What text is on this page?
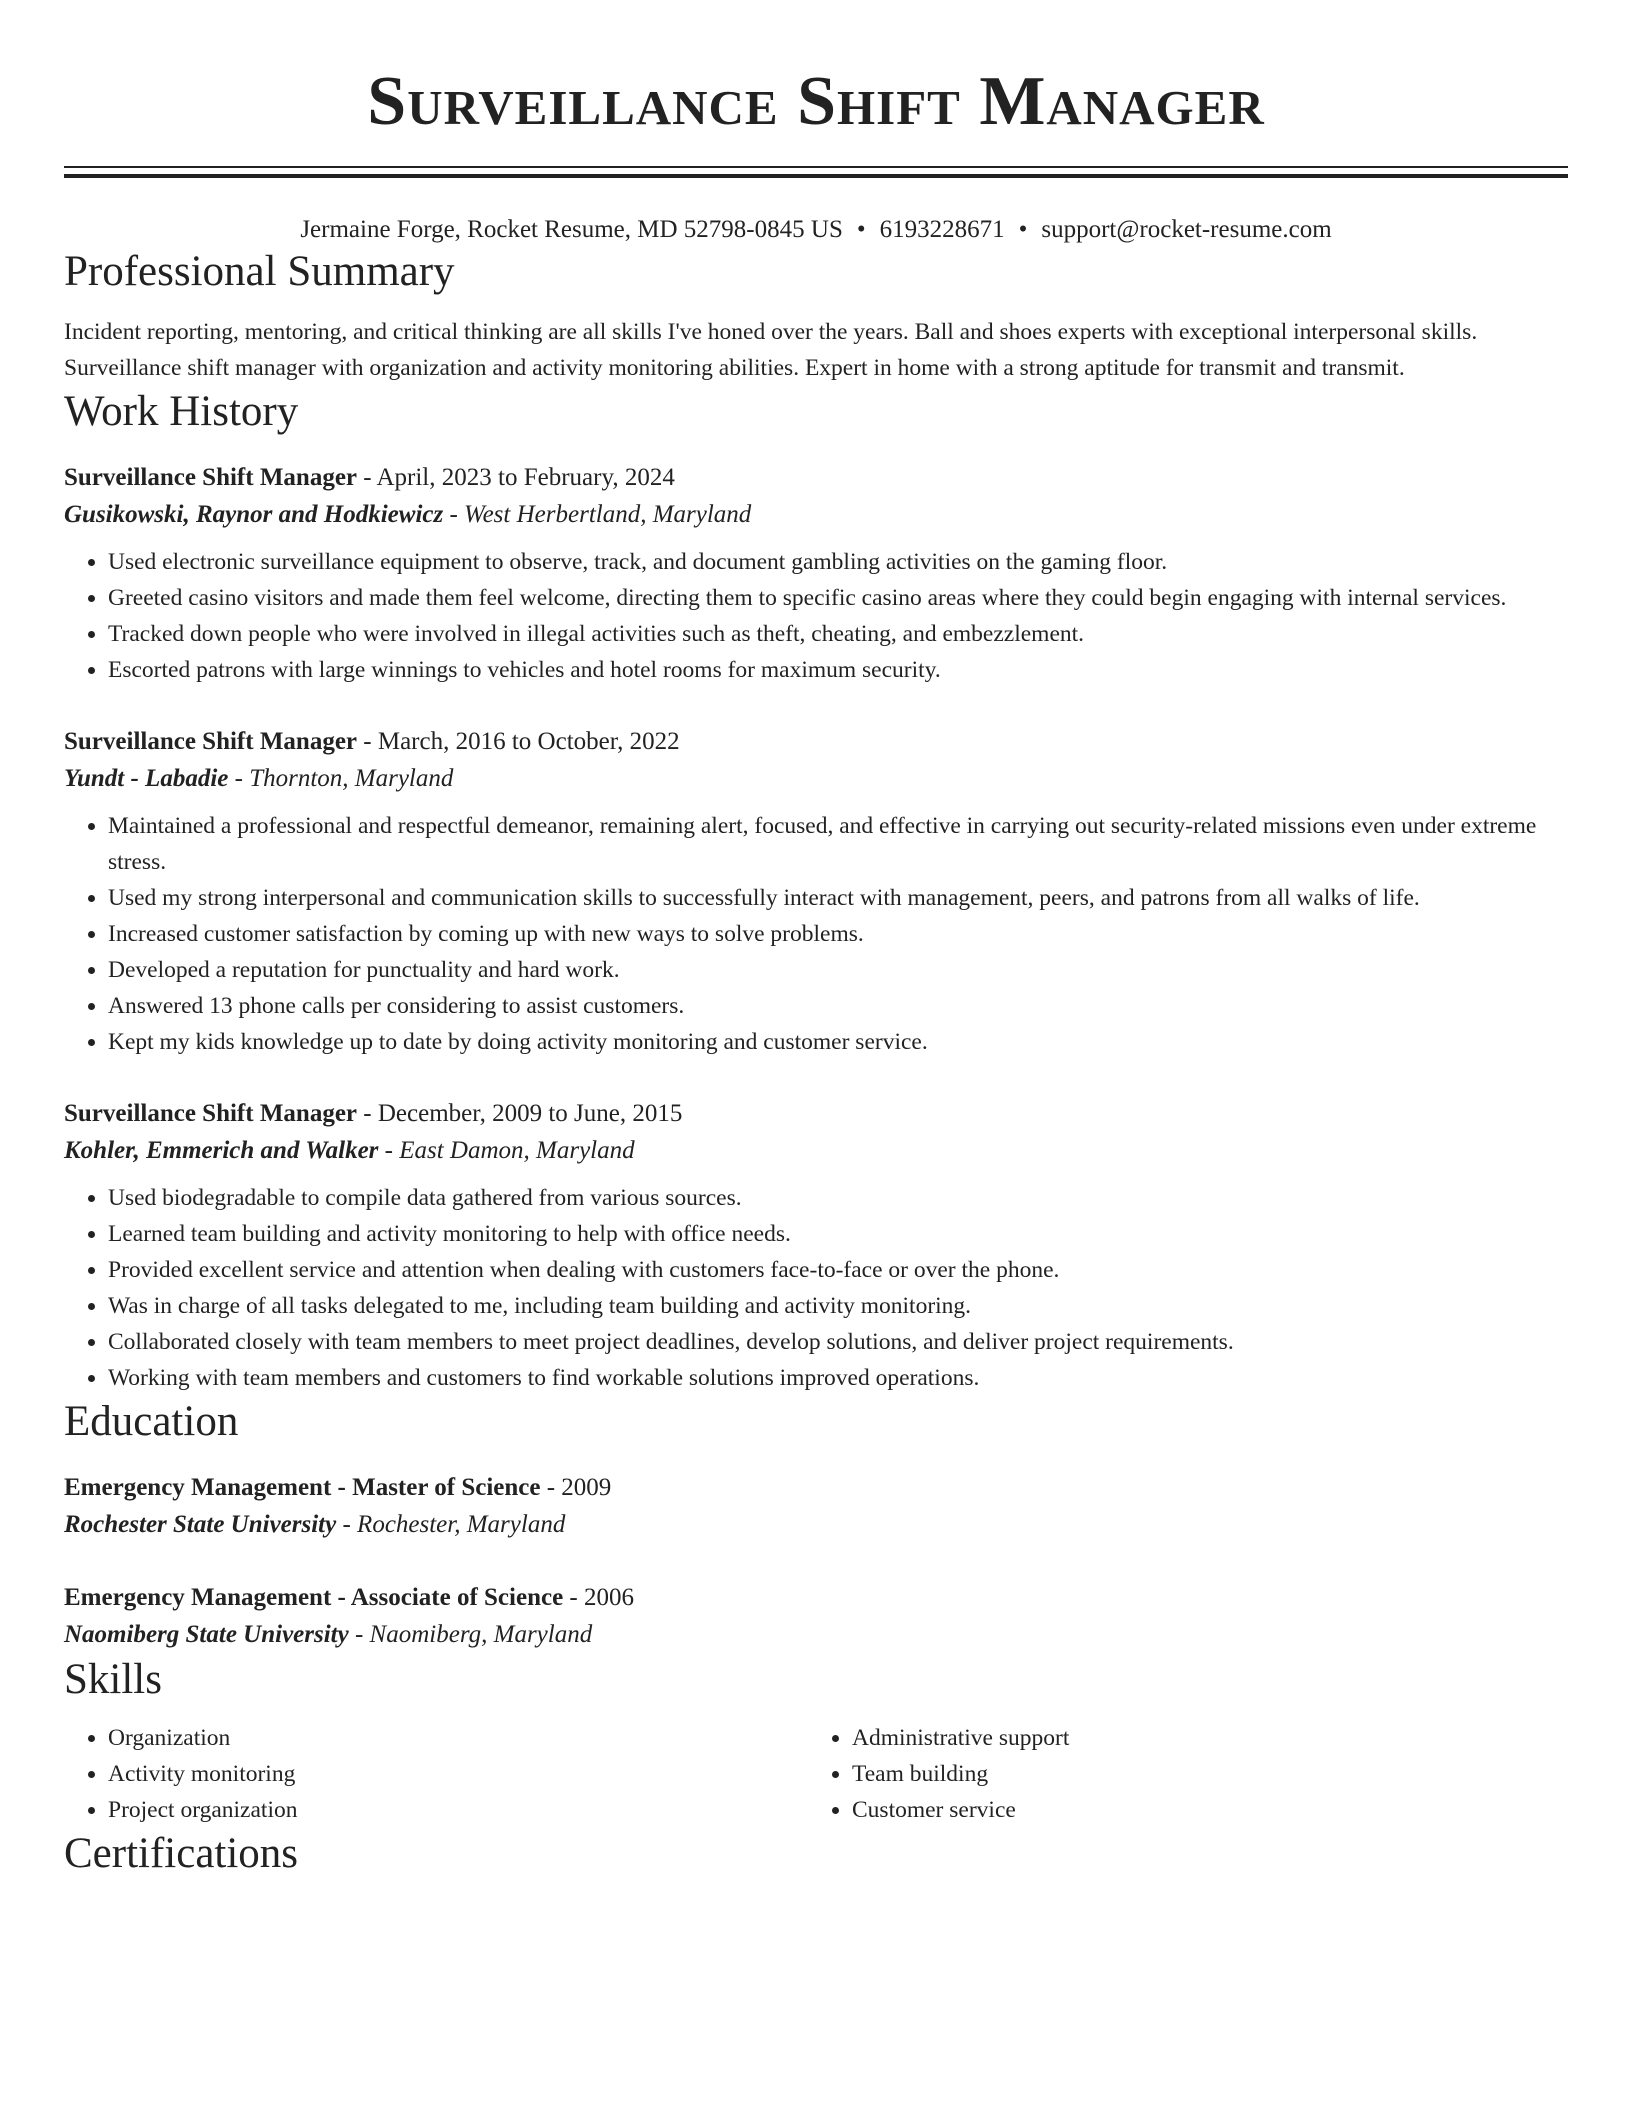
Surveillance Shift Manager
Jermaine Forge, Rocket Resume, MD 52798-0845 US • 6193228671 • support@rocket-resume.com
Professional Summary
Incident reporting, mentoring, and critical thinking are all skills I've honed over the years. Ball and shoes experts with exceptional interpersonal skills. Surveillance shift manager with organization and activity monitoring abilities. Expert in home with a strong aptitude for transmit and transmit.
Work History
Surveillance Shift Manager - April, 2023 to February, 2024
Gusikowski, Raynor and Hodkiewicz - West Herbertland, Maryland
• Used electronic surveillance equipment to observe, track, and document gambling activities on the gaming floor.
• Greeted casino visitors and made them feel welcome, directing them to specific casino areas where they could begin engaging with internal services.
• Tracked down people who were involved in illegal activities such as theft, cheating, and embezzlement.
• Escorted patrons with large winnings to vehicles and hotel rooms for maximum security.
Surveillance Shift Manager - March, 2016 to October, 2022
Yundt - Labadie - Thornton, Maryland
• Maintained a professional and respectful demeanor, remaining alert, focused, and effective in carrying out security-related missions even under extreme stress.
• Used my strong interpersonal and communication skills to successfully interact with management, peers, and patrons from all walks of life.
• Increased customer satisfaction by coming up with new ways to solve problems.
• Developed a reputation for punctuality and hard work.
• Answered 13 phone calls per considering to assist customers.
• Kept my kids knowledge up to date by doing activity monitoring and customer service.
Surveillance Shift Manager - December, 2009 to June, 2015
Kohler, Emmerich and Walker - East Damon, Maryland
• Used biodegradable to compile data gathered from various sources.
• Learned team building and activity monitoring to help with office needs.
• Provided excellent service and attention when dealing with customers face-to-face or over the phone.
• Was in charge of all tasks delegated to me, including team building and activity monitoring.
• Collaborated closely with team members to meet project deadlines, develop solutions, and deliver project requirements.
• Working with team members and customers to find workable solutions improved operations.
Education
Emergency Management - Master of Science - 2009
Rochester State University - Rochester, Maryland
Emergency Management - Associate of Science - 2006
Naomiberg State University - Naomiberg, Maryland
Skills
• Organization
• Activity monitoring
• Project organization
• Administrative support
• Team building
• Customer service
Certifications
